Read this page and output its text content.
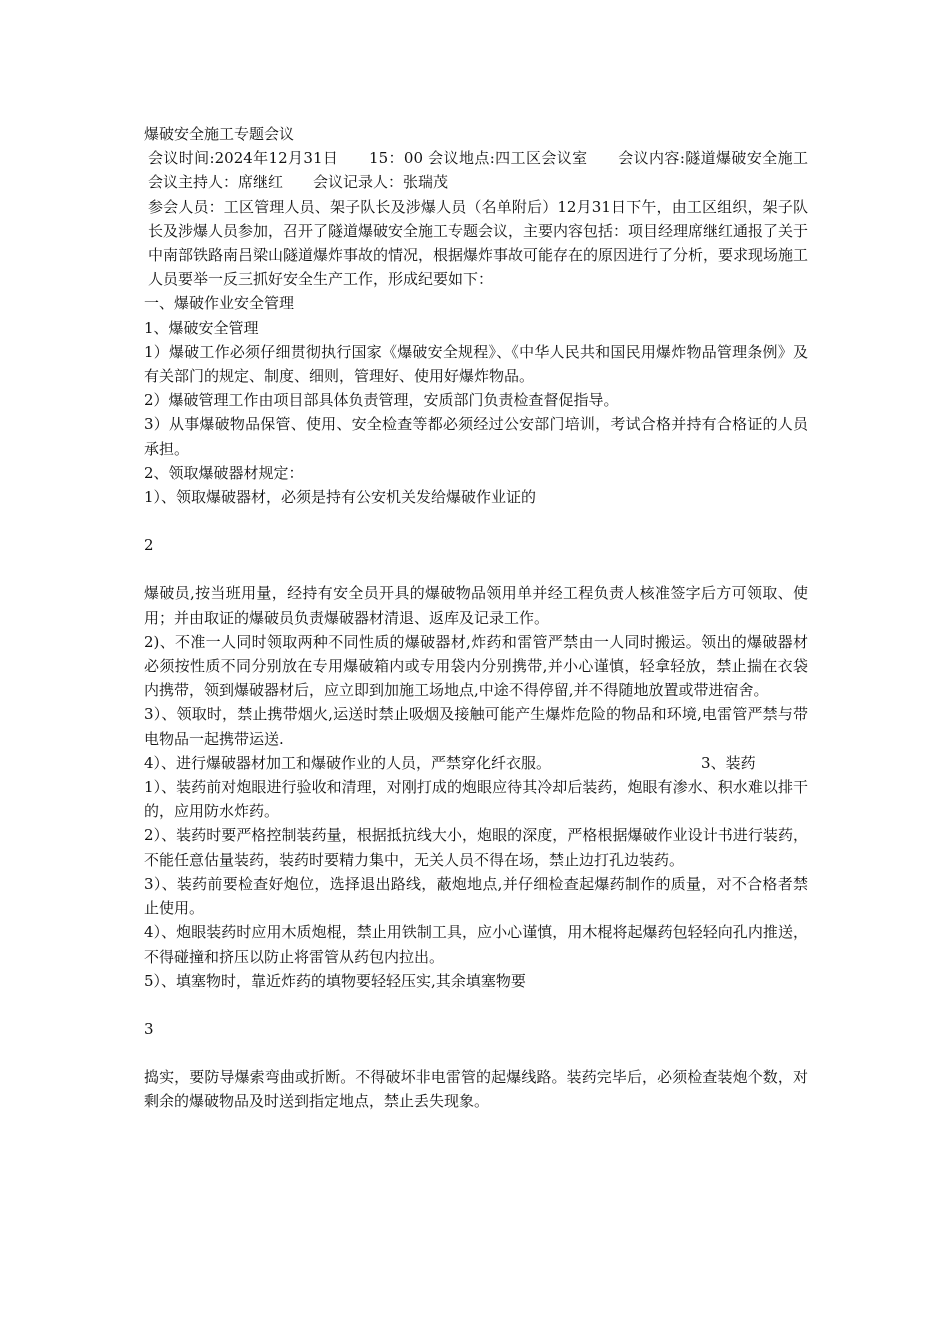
爆破安全施工专题会议

会议时间:2024年12月31日　　15：00 会议地点:四工区会议室　　会议内容:隧道爆破安全施工　会议主持人：席继红　　会议记录人：张瑞茂

参会人员：工区管理人员、架子队长及涉爆人员（名单附后）12月31日下午，由工区组织，架子队长及涉爆人员参加，召开了隧道爆破安全施工专题会议，主要内容包括：项目经理席继红通报了关于中南部铁路南吕梁山隧道爆炸事故的情况，根据爆炸事故可能存在的原因进行了分析，要求现场施工人员要举一反三抓好安全生产工作，形成纪要如下：

一、爆破作业安全管理

1、爆破安全管理

1）爆破工作必须仔细贯彻执行国家《爆破安全规程》、《中华人民共和国民用爆炸物品管理条例》及有关部门的规定、制度、细则，管理好、使用好爆炸物品。

2）爆破管理工作由项目部具体负责管理，安质部门负责检查督促指导。

3）从事爆破物品保管、使用、安全检查等都必须经过公安部门培训，考试合格并持有合格证的人员承担。

2、领取爆破器材规定：

1）、领取爆破器材，必须是持有公安机关发给爆破作业证的

2

爆破员,按当班用量，经持有安全员开具的爆破物品领用单并经工程负责人核准签字后方可领取、使用；并由取证的爆破员负责爆破器材清退、返库及记录工作。

2)、不准一人同时领取两种不同性质的爆破器材,炸药和雷管严禁由一人同时搬运。领出的爆破器材必须按性质不同分别放在专用爆破箱内或专用袋内分别携带,并小心谨慎，轻拿轻放，禁止揣在衣袋内携带，领到爆破器材后，应立即到加施工场地点,中途不得停留,并不得随地放置或带进宿舍。

3）、领取时，禁止携带烟火,运送时禁止吸烟及接触可能产生爆炸危险的物品和环境,电雷管严禁与带电物品一起携带运送.

4）、进行爆破器材加工和爆破作业的人员，严禁穿化纤衣服。	3、装药

1）、装药前对炮眼进行验收和清理，对刚打成的炮眼应待其冷却后装药，炮眼有渗水、积水难以排干的，应用防水炸药。

2）、装药时要严格控制装药量，根据抵抗线大小，炮眼的深度，严格根据爆破作业设计书进行装药，不能任意估量装药，装药时要精力集中，无关人员不得在场，禁止边打孔边装药。

3）、装药前要检查好炮位，选择退出路线，蔽炮地点,并仔细检查起爆药制作的质量，对不合格者禁止使用。

4）、炮眼装药时应用木质炮棍，禁止用铁制工具，应小心谨慎，用木棍将起爆药包轻轻向孔内推送，不得碰撞和挤压以防止将雷管从药包内拉出。

5）、填塞物时，靠近炸药的填物要轻轻压实,其余填塞物要

3

捣实，要防导爆索弯曲或折断。不得破坏非电雷管的起爆线路。装药完毕后，必须检查装炮个数，对剩余的爆破物品及时送到指定地点，禁止丢失现象。
